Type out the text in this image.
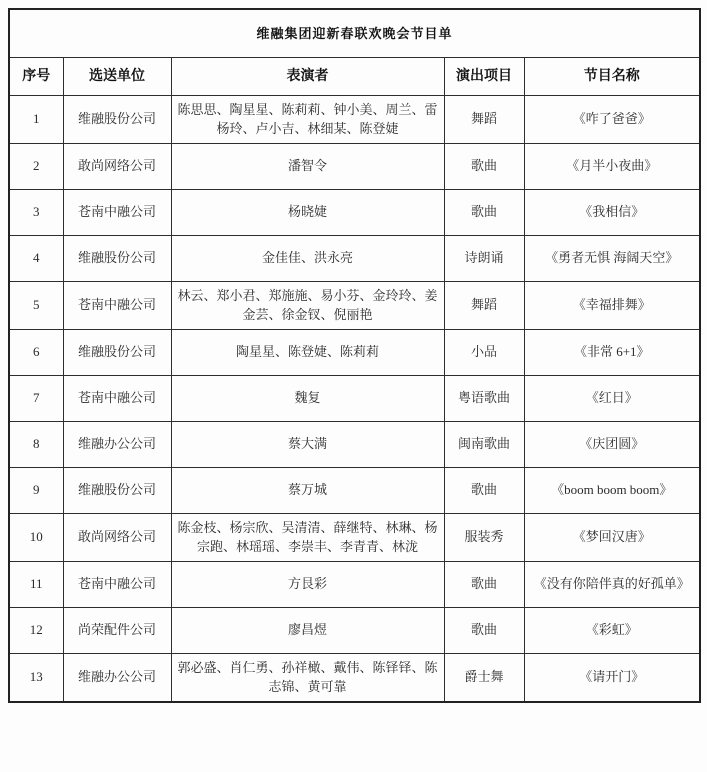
维融集团迎新春联欢晚会节目单				
序号	选送单位	表演者	演出项目	节目名称
1	维融股份公司	陈思思、陶星星、陈莉莉、钟小美、周兰、雷杨玲、卢小吉、林细某、陈登婕	舞蹈	《咋了爸爸》
2	敢尚网络公司	潘智令	歌曲	《月半小夜曲》
3	苍南中融公司	杨晓婕	歌曲	《我相信》
4	维融股份公司	金佳佳、洪永亮	诗朗诵	《勇者无惧 海阔天空》
5	苍南中融公司	林云、郑小君、郑施施、易小芬、金玲玲、姜金芸、徐金钗、倪丽艳	舞蹈	《幸福排舞》
6	维融股份公司	陶星星、陈登婕、陈莉莉	小品	《非常 6+1》
7	苍南中融公司	魏复	粤语歌曲	《红日》
8	维融办公公司	蔡大满	闽南歌曲	《庆团圆》
9	维融股份公司	蔡万城	歌曲	《boom boom boom》
10	敢尚网络公司	陈金枝、杨宗欣、吴清清、薛继特、林琳、杨宗跑、林瑶瑶、李崇丰、李青青、林泷	服装秀	《梦回汉唐》
11	苍南中融公司	方艮彩	歌曲	《没有你陪伴真的好孤单》
12	尚荣配件公司	廖昌煜	歌曲	《彩虹》
13	维融办公公司	郭必盛、肖仁勇、孙祥橄、戴伟、陈铎铎、陈志锦、黄可靠	爵士舞	《请开门》
